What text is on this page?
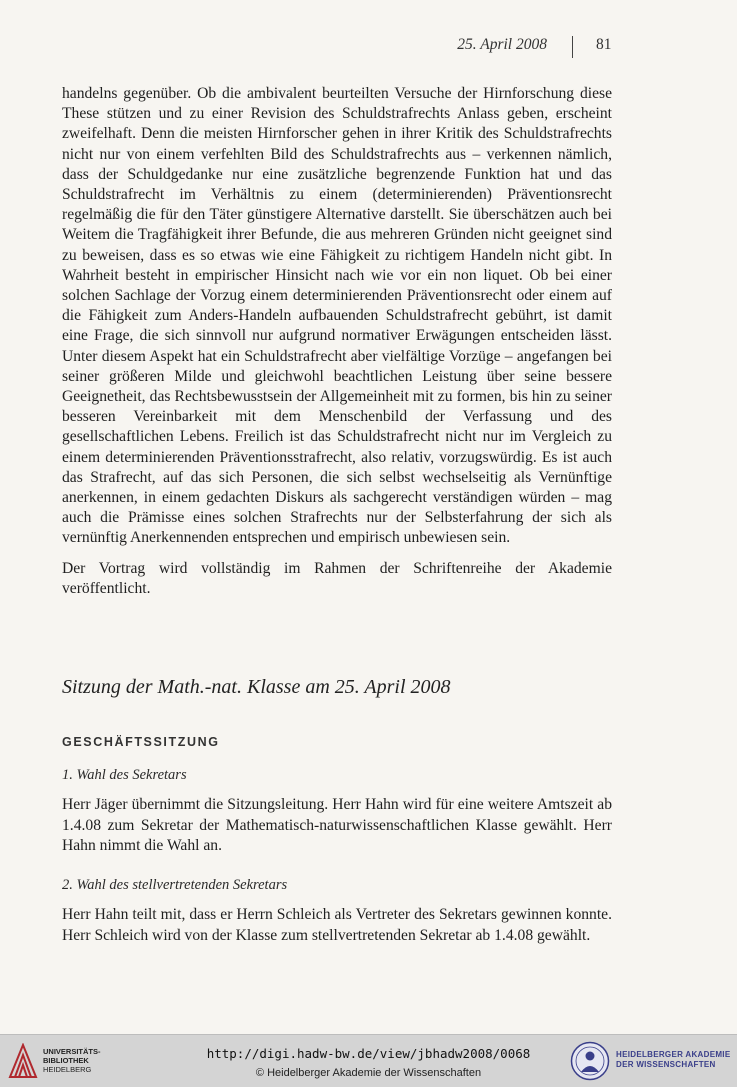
25. April 2008	81

handelns gegenüber. Ob die ambivalent beurteilten Versuche der Hirnforschung diese These stützen und zu einer Revision des Schuldstrafrechts Anlass geben, erscheint zweifelhaft. Denn die meisten Hirnforscher gehen in ihrer Kritik des Schuldstrafrechts nicht nur von einem verfehlten Bild des Schuldstrafrechts aus – verkennen nämlich, dass der Schuldgedanke nur eine zusätzliche begrenzende Funktion hat und das Schuldstrafrecht im Verhältnis zu einem (determinierenden) Präventionsrecht regelmäßig die für den Täter günstigere Alternative darstellt. Sie überschätzen auch bei Weitem die Tragfähigkeit ihrer Befunde, die aus mehreren Gründen nicht geeignet sind zu beweisen, dass es so etwas wie eine Fähigkeit zu richtigem Handeln nicht gibt. In Wahrheit besteht in empirischer Hinsicht nach wie vor ein non liquet. Ob bei einer solchen Sachlage der Vorzug einem determinierenden Präventionsrecht oder einem auf die Fähigkeit zum Anders-Handeln aufbauenden Schuldstrafrecht gebührt, ist damit eine Frage, die sich sinnvoll nur aufgrund normativer Erwägungen entscheiden lässt. Unter diesem Aspekt hat ein Schuldstrafrecht aber vielfältige Vorzüge – angefangen bei seiner größeren Milde und gleichwohl beachtlichen Leistung über seine bessere Geeignetheit, das Rechtsbewusstsein der Allgemeinheit mit zu formen, bis hin zu seiner besseren Vereinbarkeit mit dem Menschenbild der Verfassung und des gesellschaftlichen Lebens. Freilich ist das Schuldstrafrecht nicht nur im Vergleich zu einem determinierenden Präventionsstrafrecht, also relativ, vorzugswürdig. Es ist auch das Strafrecht, auf das sich Personen, die sich selbst wechselseitig als Vernünftige anerkennen, in einem gedachten Diskurs als sachgerecht verständigen würden – mag auch die Prämisse eines solchen Strafrechts nur der Selbsterfahrung der sich als vernünftig Anerkennenden entsprechen und empirisch unbewiesen sein.

Der Vortrag wird vollständig im Rahmen der Schriftenreihe der Akademie veröffentlicht.

Sitzung der Math.-nat. Klasse am 25. April 2008
GESCHÄFTSSITZUNG
1. Wahl des Sekretars

Herr Jäger übernimmt die Sitzungsleitung. Herr Hahn wird für eine weitere Amtszeit ab 1.4.08 zum Sekretar der Mathematisch-naturwissenschaftlichen Klasse gewählt. Herr Hahn nimmt die Wahl an.

2. Wahl des stellvertretenden Sekretars

Herr Hahn teilt mit, dass er Herrn Schleich als Vertreter des Sekretars gewinnen konnte. Herr Schleich wird von der Klasse zum stellvertretenden Sekretar ab 1.4.08 gewählt.

UNIVERSITÄTS-
BIBLIOTHEK
HEIDELBERG
http://digi.hadw-bw.de/view/jbhadw2008/0068
© Heidelberger Akademie der Wissenschaften
HEIDELBERGER AKADEMIE
DER WISSENSCHAFTEN
